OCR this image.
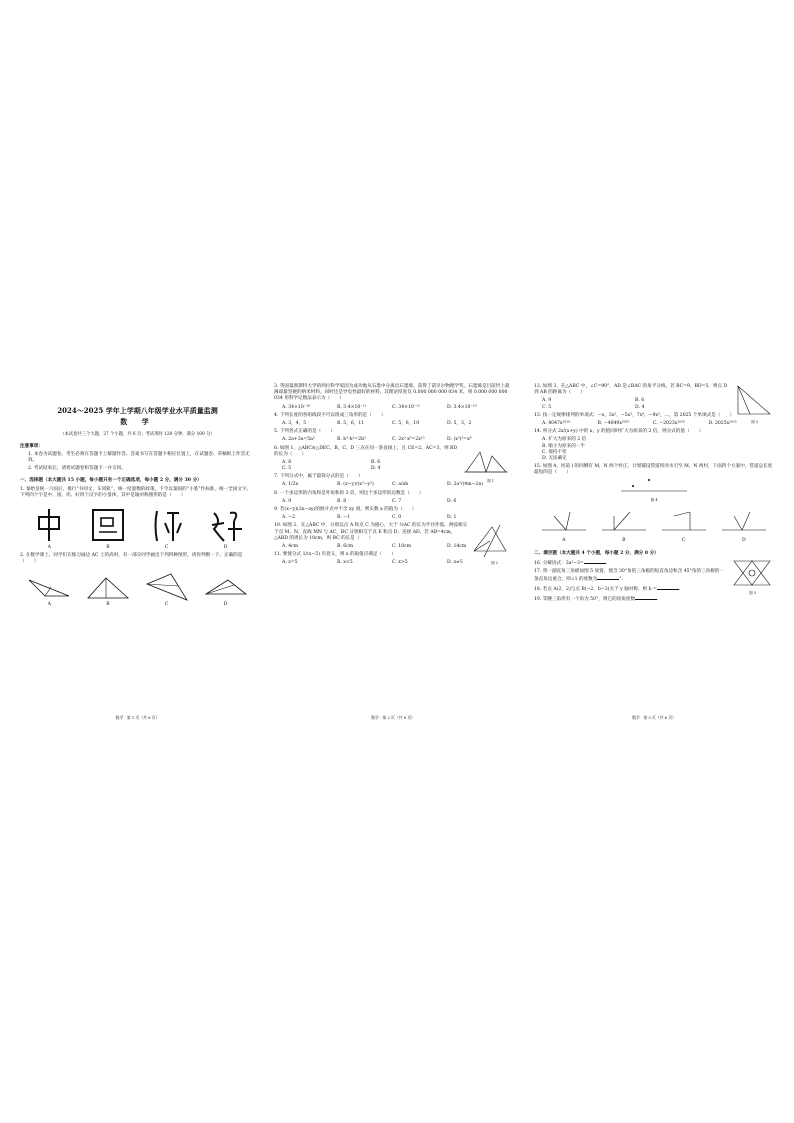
2024～2025 学年上学期八年级学业水平质量监测
数 学
（本试卷共三个大题，27 个小题，共 6 页；考试用时 120 分钟，满分 100 分）
注意事项：

1. 本卷为试题卷。考生必须在答题卡上解题作答。答案书写在答题卡相应位置上，在试题卷、草稿纸上作答无效。

2. 考试结束后，请将试题卷和答题卡一并交回。

一、选择题（本大题共 15 小题，每小题只有一个正确选项，每小题 2 分，满分 30 分）

1. 秦始皇统一六国后，推行“书同文，车同轨”，统一度量衡的政策，下令以秦国的“小篆”作标准，统一全国文字。下列四个字是中、国、你、好四个汉字的小篆体，其中是轴对称图形的是（　　）

A	B	C	D

2. 在数学课上，同学们在练习画边 AC 上的高时，有一部分同学画出下列四种图形，请你判断一下，正确的是（　　）

A	B	C	D
数学 · 第 1 页（共 6 页）

3. 英国曼彻斯特大学的两位科学家因为成功地从石墨中分离出石墨烯，获得了诺贝尔物理学奖。石墨烯是目前世上最薄却最坚硬的纳米材料，同时还是导电性最好的材料，其理论厚度仅 0.000 000 000 034 米，将 0.000 000 000 034 用科学记数法表示为（　　）

A. 34×10⁻¹⁰	B. 3.4×10⁻¹¹	C. 34×10⁻¹¹	D. 3.4×10⁻¹⁰

4. 下列长度的各组线段不可以组成三角形的是（　　）

A. 3，4，5	B. 5，6，11	C. 5，6，10	D. 5，3，2

5. 下列各式正确的是（　　）

A. 2a+3a=5a²	B. b³·b³=2b³	C. 2x³·x⁵=2x¹⁵	D. (x³)²=x⁶

6. 如图 1，△ABC≌△DEC，B，C，D 三点在同一条直线上，且 CE=2，AC=3，则 BD 的长为（　　）

A. 8	B. 6
C. 5	D. 4
图 1

7. 下列分式中，属于最简分式的是（　　）

A. 1/2x	B. (x−y)/(x²−y²)	C. a/ab	D. 2a²/(4m−2n)

8. 一个多边形的内角和是外角和的 3 倍，则这个多边形的边数是（　　）

A. 9	B. 8	C. 7	D. 6

9. 若(x−y)(2x−ay)的展开式中不含 xy 项，则实数 a 的值为（　　）

A. −2	B. −1	C. 0	D. 1

10. 如图 2，在△ABC 中，分别以点 A 和点 C 为圆心，大于 ½AC 的长为半径作弧，两弧相交于点 M，N，直线 MN 与 AC，BC 分别相交于点 E 和点 D，连接 AD，若 AB=4cm，△ABD 的周长为 10cm，则 BC 的长是（　　）

图 2
A. 4cm	B. 6cm	C. 10cm	D. 14cm

11. 要使分式 1/(x−5) 有意义，则 x 的取值应满足（　　）

A. x=5	B. x<5	C. x>5	D. x≠5
数学 · 第 2 页（共 6 页）

12. 如图 3，在△ABC 中，∠C=90°，AD 是∠BAC 的角平分线，若 BC=9，BD=5，则点 D 到 AB 的距离为（　　）

A. 9	B. 6
C. 5	D. 4
图 3

13. 按一定规律排列的单项式：−x，3x²，−5x³，7x⁴，−9x⁵，…，第 2025 个单项式是（　　）

A. 4047x²⁰²⁴	B. −4049x²⁰²⁵	C. −2023x²⁰²⁵	D. 2025x²⁰²⁵

14. 将分式 2x/(x+y) 中的 x，y 的值同时扩大为原来的 2 倍，则分式的值（　　）

A. 扩大为原来的 2 倍
B. 缩小为原来的一半
C. 保持不变
D. 无法确定

15. 如图 4，河道 l 的同侧有 M，N 两个村庄，计划铺设管道将河水引至 M，N 两村，下面四个方案中，管道总长度最短的是（　　）

图 4
A	B	C	D
二、填空题（本大题共 4 个小题，每小题 2 分，满分 8 分）

16. 分解因式：3a²−3=	.

17. 将一副直角三角板如图 5 放置，使含 30°角的三角板的短直角边和含 45°角的三角板的一条直角边重合，则∠1 的度数为	°.

18. 若点 A(2，2)与点 B(−2，b−3)关于 y 轴对称，则 b =	.

19. 等腰三角形有一个角为 50°，则它的顶角度数	.

图 5
数学 · 第 3 页（共 6 页）
